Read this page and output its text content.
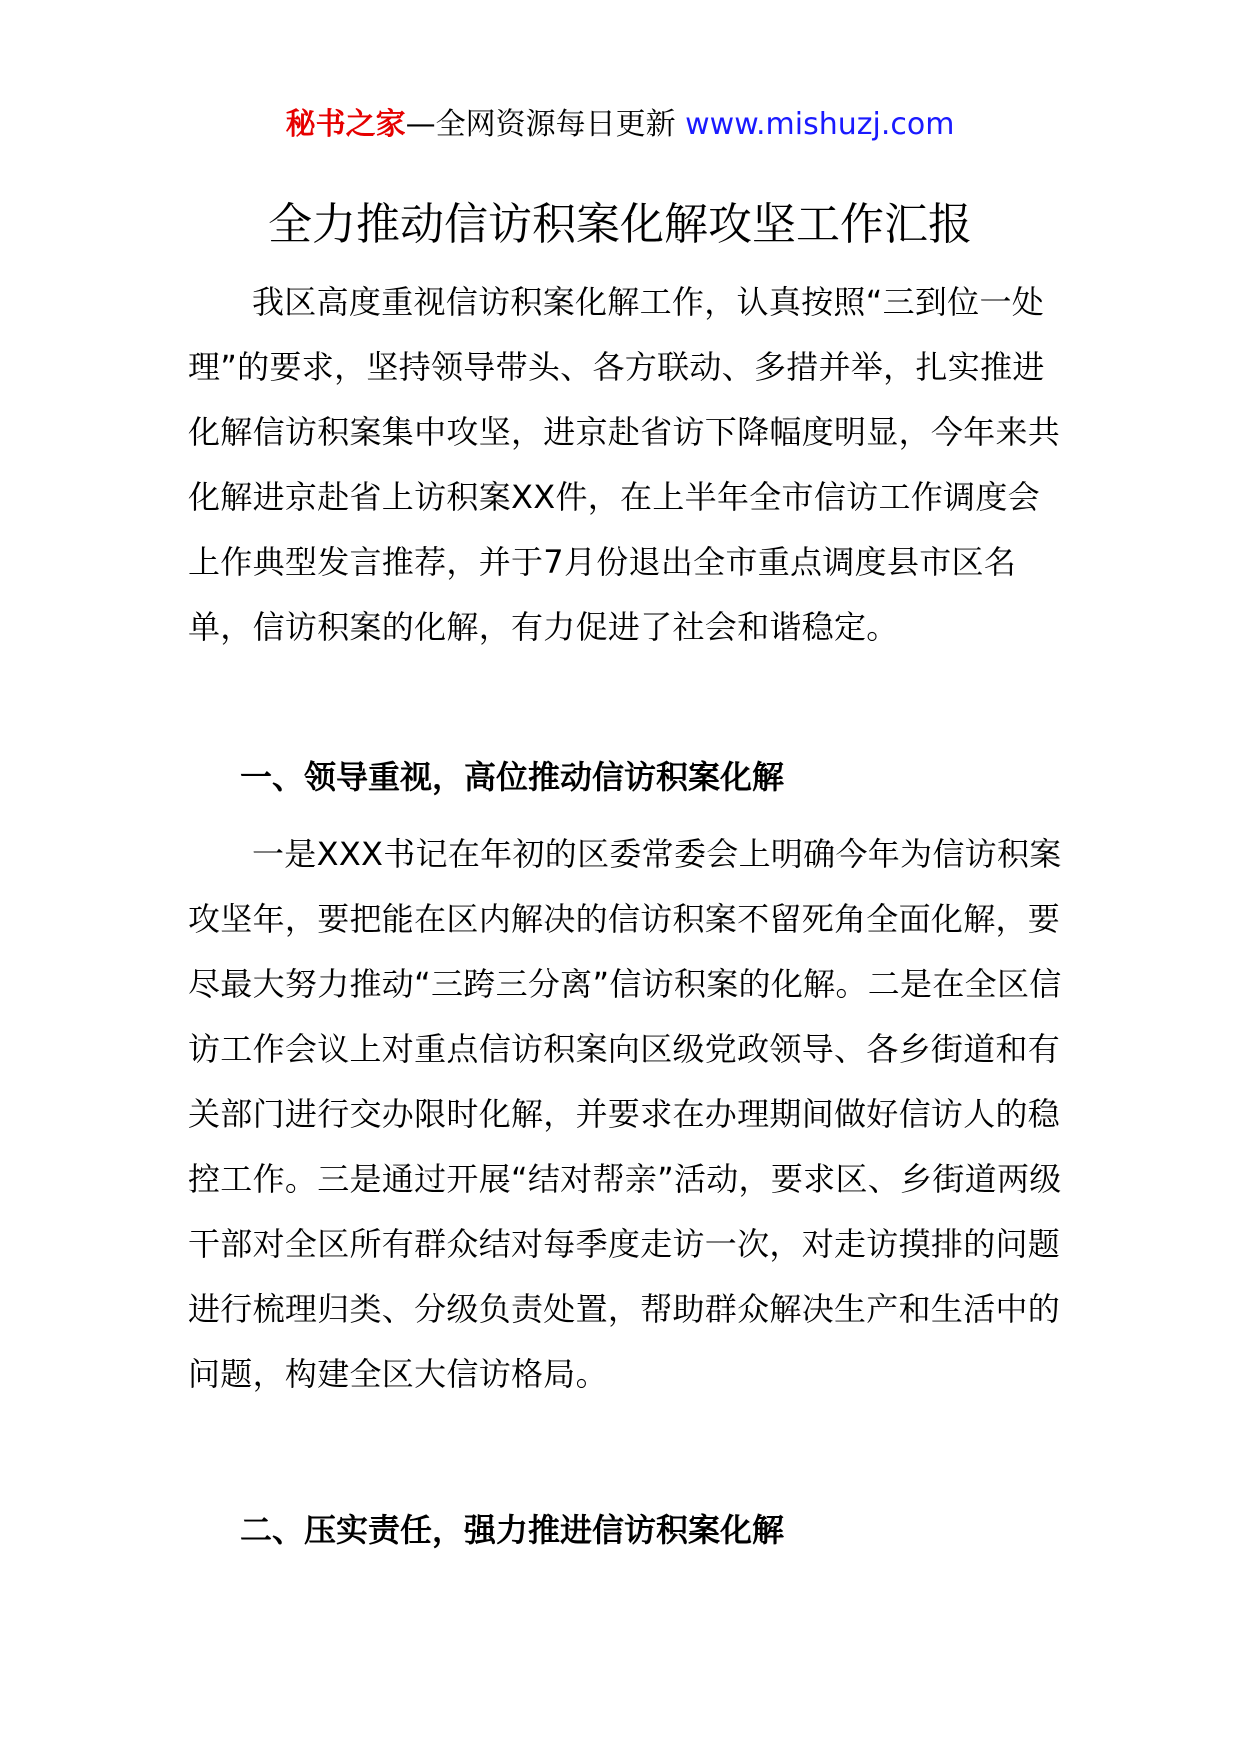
秘书之家—全网资源每日更新 www.mishuzj.com
全力推动信访积案化解攻坚工作汇报

我区高度重视信访积案化解工作，认真按照“三到位一处理”的要求，坚持领导带头、各方联动、多措并举，扎实推进化解信访积案集中攻坚，进京赴省访下降幅度明显，今年来共化解进京赴省上访积案XX件，在上半年全市信访工作调度会上作典型发言推荐，并于7月份退出全市重点调度县市区名单，信访积案的化解，有力促进了社会和谐稳定。

一、领导重视，高位推动信访积案化解

一是XXX书记在年初的区委常委会上明确今年为信访积案攻坚年，要把能在区内解决的信访积案不留死角全面化解，要尽最大努力推动“三跨三分离”信访积案的化解。二是在全区信访工作会议上对重点信访积案向区级党政领导、各乡街道和有关部门进行交办限时化解，并要求在办理期间做好信访人的稳控工作。三是通过开展“结对帮亲”活动，要求区、乡街道两级干部对全区所有群众结对每季度走访一次，对走访摸排的问题进行梳理归类、分级负责处置，帮助群众解决生产和生活中的问题，构建全区大信访格局。

二、压实责任，强力推进信访积案化解
